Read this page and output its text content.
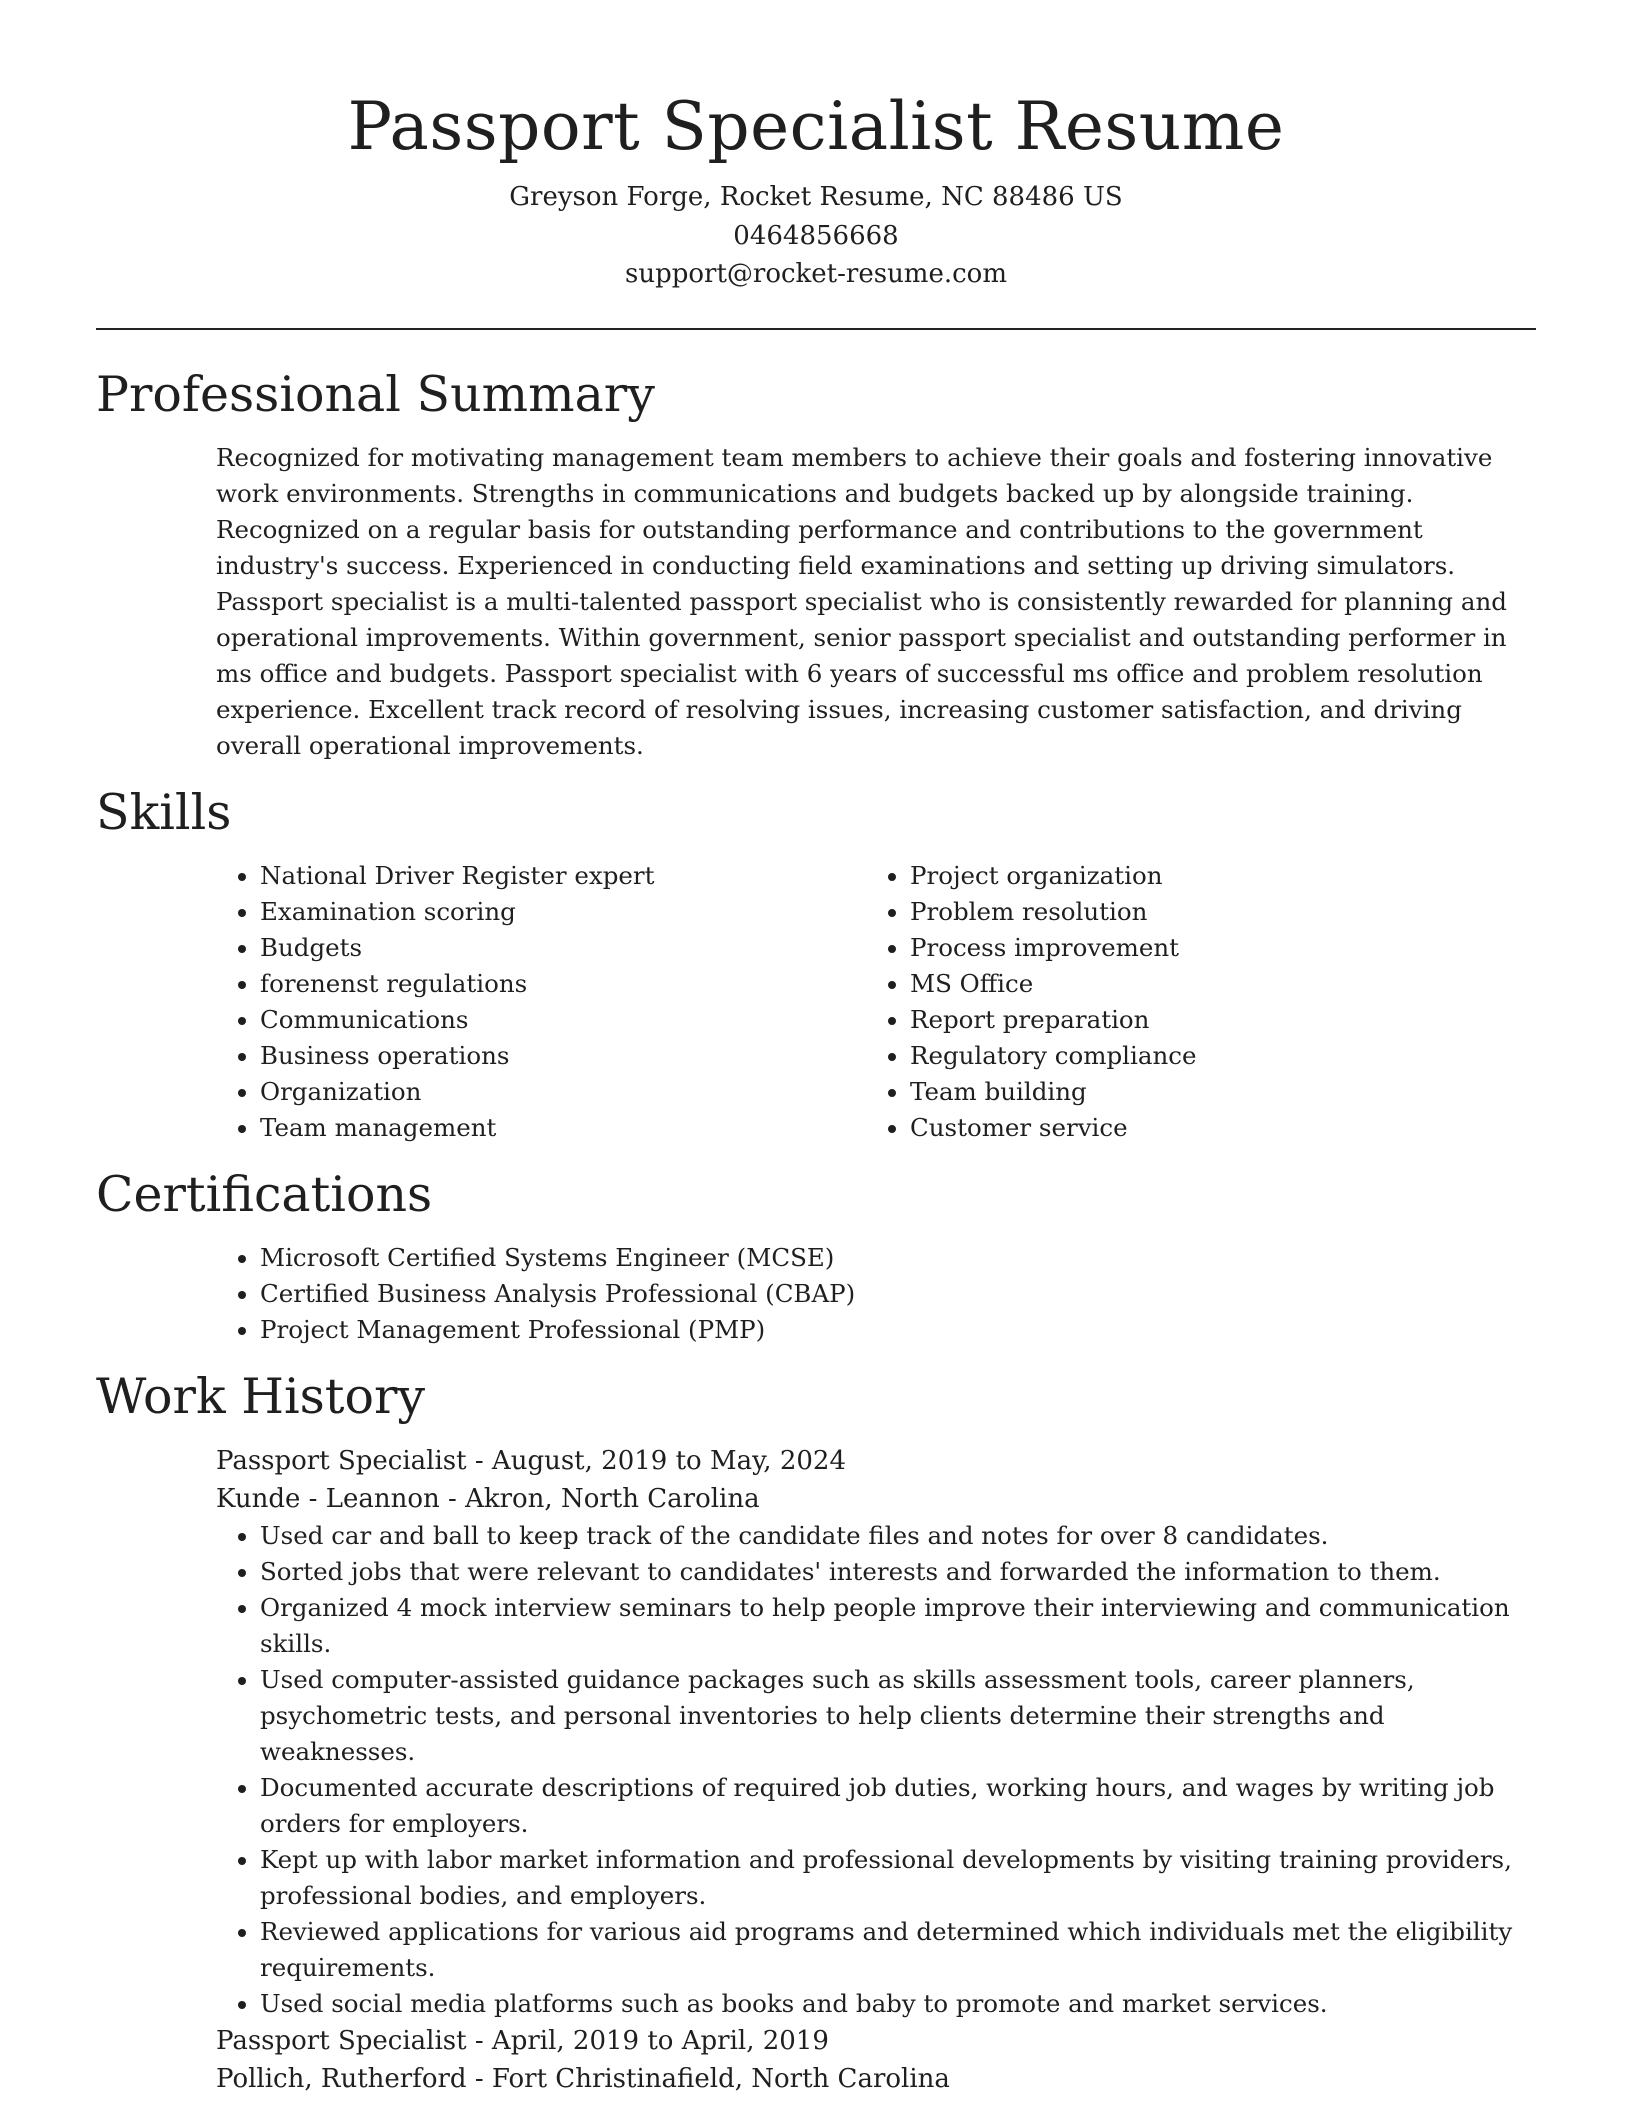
Passport Specialist Resume
Greyson Forge, Rocket Resume, NC 88486 US
0464856668
support@rocket-resume.com
Professional Summary

Recognized for motivating management team members to achieve their goals and fostering innovative work environments. Strengths in communications and budgets backed up by alongside training. Recognized on a regular basis for outstanding performance and contributions to the government industry's success. Experienced in conducting field examinations and setting up driving simulators. Passport specialist is a multi-talented passport specialist who is consistently rewarded for planning and operational improvements. Within government, senior passport specialist and outstanding performer in ms office and budgets. Passport specialist with 6 years of successful ms office and problem resolution experience. Excellent track record of resolving issues, increasing customer satisfaction, and driving overall operational improvements.

Skills
• National Driver Register expert
• Examination scoring
• Budgets
• forenenst regulations
• Communications
• Business operations
• Organization
• Team management
• Project organization
• Problem resolution
• Process improvement
• MS Office
• Report preparation
• Regulatory compliance
• Team building
• Customer service
Certifications
• Microsoft Certified Systems Engineer (MCSE)
• Certified Business Analysis Professional (CBAP)
• Project Management Professional (PMP)
Work History
Passport Specialist - August, 2019 to May, 2024
Kunde - Leannon - Akron, North Carolina
• Used car and ball to keep track of the candidate files and notes for over 8 candidates.
• Sorted jobs that were relevant to candidates' interests and forwarded the information to them.
• Organized 4 mock interview seminars to help people improve their interviewing and communication skills.
• Used computer-assisted guidance packages such as skills assessment tools, career planners, psychometric tests, and personal inventories to help clients determine their strengths and weaknesses.
• Documented accurate descriptions of required job duties, working hours, and wages by writing job orders for employers.
• Kept up with labor market information and professional developments by visiting training providers, professional bodies, and employers.
• Reviewed applications for various aid programs and determined which individuals met the eligibility requirements.
• Used social media platforms such as books and baby to promote and market services.
Passport Specialist - April, 2019 to April, 2019
Pollich, Rutherford - Fort Christinafield, North Carolina
